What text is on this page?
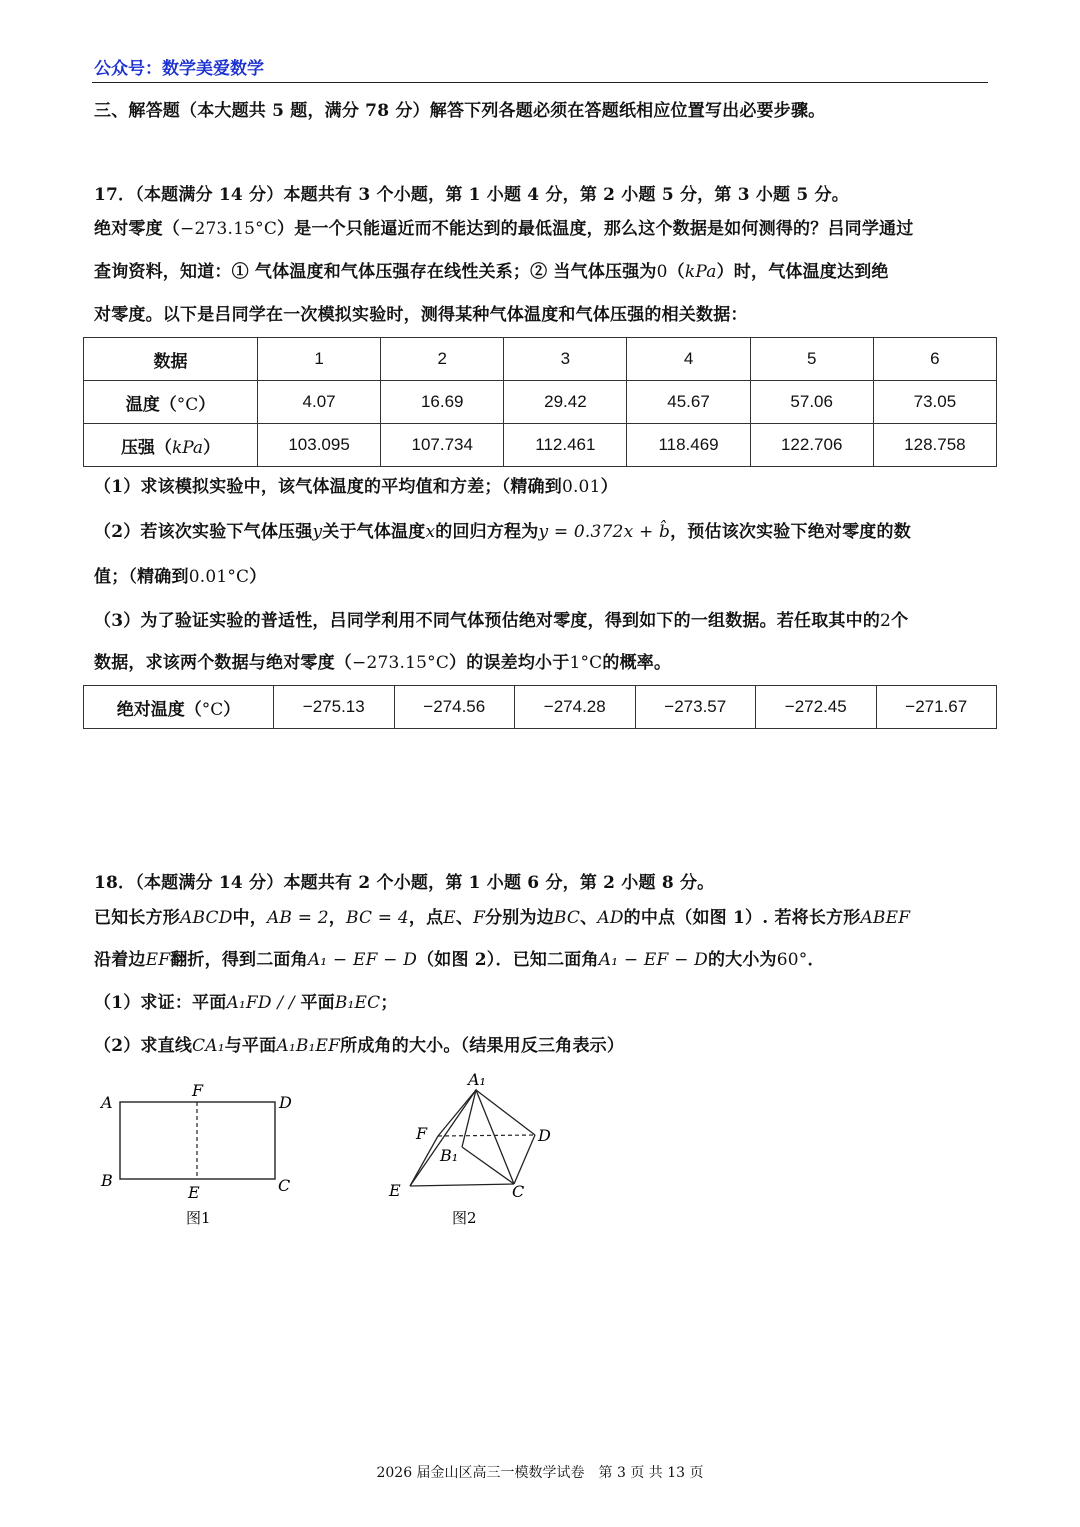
公众号：数学美爱数学
三、解答题（本大题共 5 题，满分 78 分）解答下列各题必须在答题纸相应位置写出必要步骤。
17．（本题满分 14 分）本题共有 3 个小题，第 1 小题 4 分，第 2 小题 5 分，第 3 小题 5 分。
绝对零度（−273.15°C）是一个只能逼近而不能达到的最低温度，那么这个数据是如何测得的？吕同学通过
查询资料，知道：① 气体温度和气体压强存在线性关系；② 当气体压强为0（kPa）时，气体温度达到绝
对零度。以下是吕同学在一次模拟实验时，测得某种气体温度和气体压强的相关数据：
数据	1	2	3	4	5	6
温度（°C）	4.07	16.69	29.42	45.67	57.06	73.05
压强（kPa）	103.095	107.734	112.461	118.469	122.706	128.758
（1）求该模拟实验中，该气体温度的平均值和方差；（精确到0.01）
（2）若该次实验下气体压强y关于气体温度x的回归方程为y = 0.372x + b̂，预估该次实验下绝对零度的数
值；（精确到0.01°C）
（3）为了验证实验的普适性，吕同学利用不同气体预估绝对零度，得到如下的一组数据。若任取其中的2个
数据，求该两个数据与绝对零度（−273.15°C）的误差均小于1°C的概率。
绝对温度（°C）	−275.13	−274.56	−274.28	−273.57	−272.45	−271.67
18．（本题满分 14 分）本题共有 2 个小题，第 1 小题 6 分，第 2 小题 8 分。
已知长方形ABCD中，AB = 2，BC = 4，点E、F分别为边BC、AD的中点（如图 1）. 若将长方形ABEF
沿着边EF翻折，得到二面角A₁ − EF − D（如图 2）．已知二面角A₁ − EF − D的大小为60°．
（1）求证：平面A₁FD / / 平面B₁EC；
（2）求直线CA₁与平面A₁B₁EF所成角的大小。（结果用反三角表示）
A
F
D
B
E	C
图1
A₁
F	D
B₁
E	C
图2
2026 届金山区高三一模数学试卷　第 3 页 共 13 页
